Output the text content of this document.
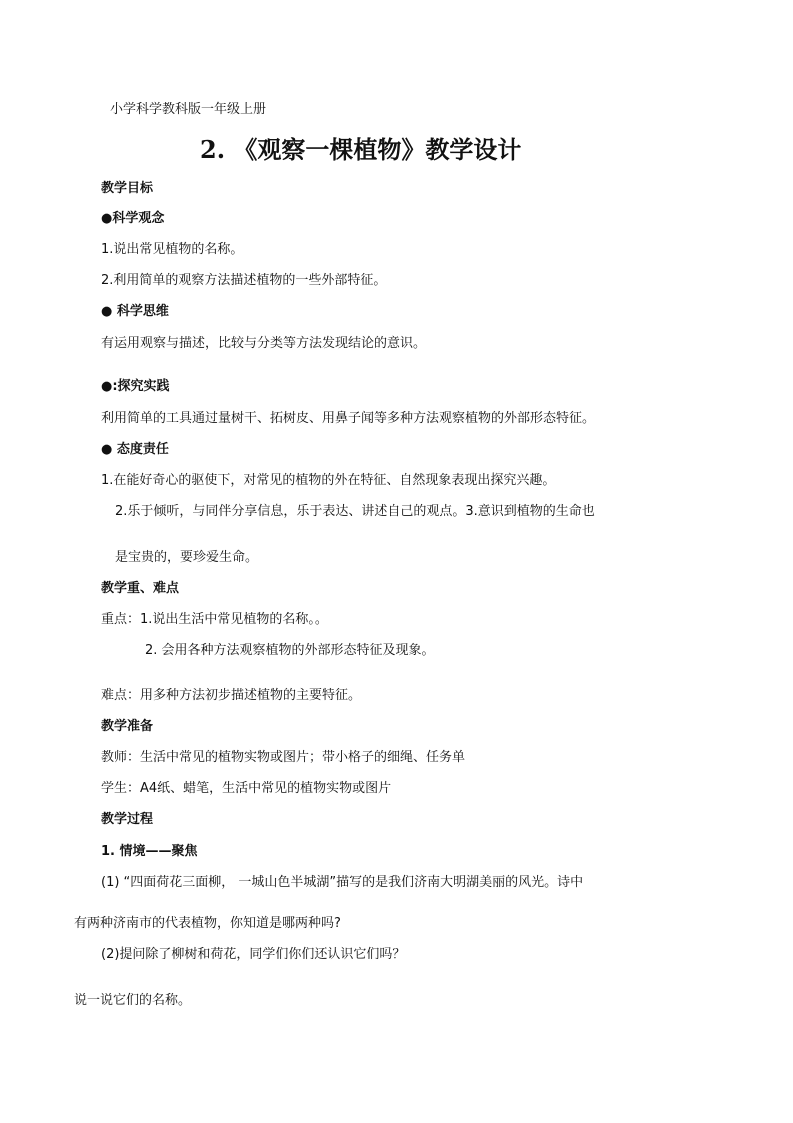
小学科学教科版一年级上册
2. 《观察一棵植物》教学设计
教学目标
●科学观念
1.说出常见植物的名称。
2.利用简单的观察方法描述植物的一些外部特征。
● 科学思维
有运用观察与描述，比较与分类等方法发现结论的意识。
●:探究实践
利用简单的工具通过量树干、拓树皮、用鼻子闻等多种方法观察植物的外部形态特征。
● 态度责任
1.在能好奇心的驱使下，对常见的植物的外在特征、自然现象表现出探究兴趣。
2.乐于倾听，与同伴分享信息，乐于表达、讲述自己的观点。3.意识到植物的生命也
是宝贵的，要珍爱生命。
教学重、难点
重点：1.说出生活中常见植物的名称。。
2. 会用各种方法观察植物的外部形态特征及现象。
难点：用多种方法初步描述植物的主要特征。
教学准备
教师：生活中常见的植物实物或图片；带小格子的细绳、任务单
学生：A4纸、蜡笔，生活中常见的植物实物或图片
教学过程
1. 情境——聚焦
(1) “四面荷花三面柳， 一城山色半城湖”描写的是我们济南大明湖美丽的风光。诗中
有两种济南市的代表植物，你知道是哪两种吗?
(2)提问除了柳树和荷花，同学们你们还认识它们吗？
说一说它们的名称。
